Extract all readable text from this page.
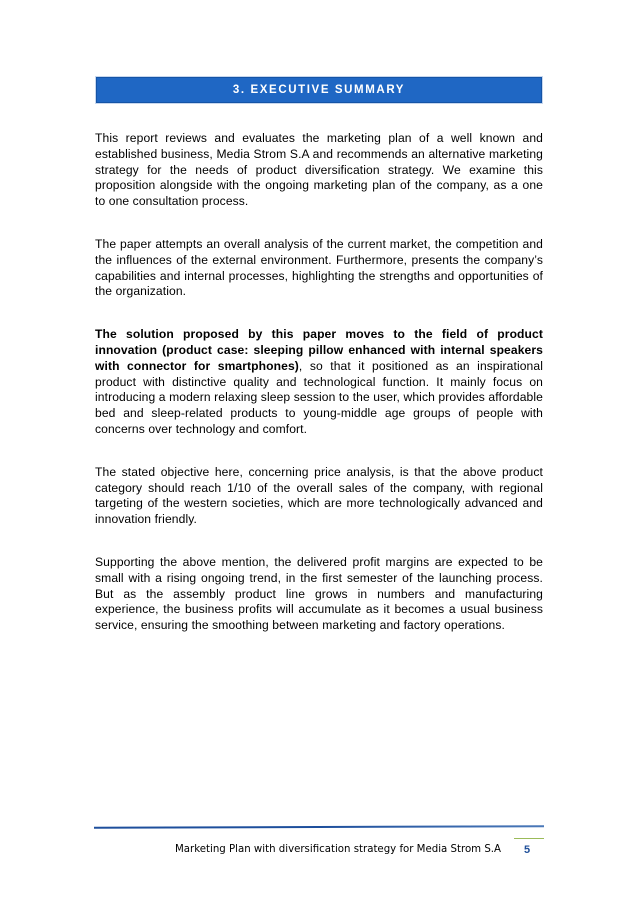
3. EXECUTIVE SUMMARY

This report reviews and evaluates the marketing plan of a well known and established business, Media Strom S.A and recommends an alternative marketing strategy for the needs of product diversification strategy. We examine this proposition alongside with the ongoing marketing plan of the company, as a one to one consultation process.

The paper attempts an overall analysis of the current market, the competition and the influences of the external environment. Furthermore, presents the company’s capabilities and internal processes, highlighting the strengths and opportunities of the organization.

The solution proposed by this paper moves to the field of product innovation (product case: sleeping pillow enhanced with internal speakers with connector for smartphones), so that it positioned as an inspirational product with distinctive quality and technological function. It mainly focus on introducing a modern relaxing sleep session to the user, which provides affordable bed and sleep-related products to young-middle age groups of people with concerns over technology and comfort.

The stated objective here, concerning price analysis, is that the above product category should reach 1/10 of the overall sales of the company, with regional targeting of the western societies, which are more technologically advanced and innovation friendly.

Supporting the above mention, the delivered profit margins are expected to be small with a rising ongoing trend, in the first semester of the launching process. But as the assembly product line grows in numbers and manufacturing experience, the business profits will accumulate as it becomes a usual business service, ensuring the smoothing between marketing and factory operations.

Marketing Plan with diversification strategy for Media Strom S.A 5
